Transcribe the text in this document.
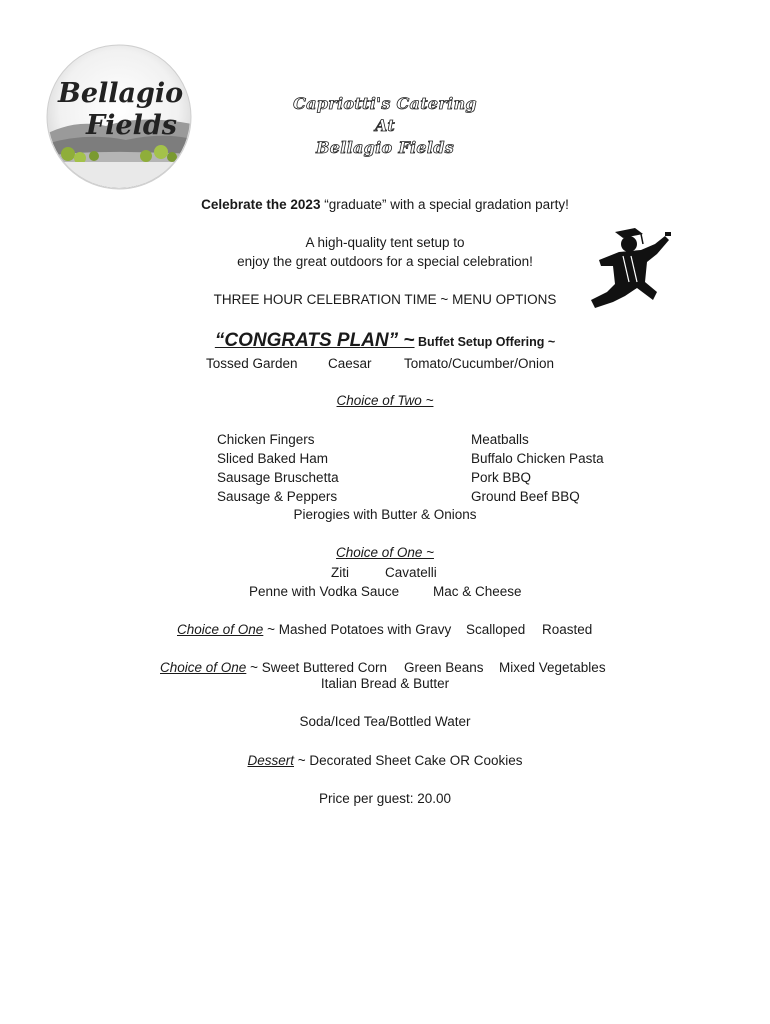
Bellagio
Fields
Capriotti's Catering
At
Bellagio Fields
Celebrate the 2023 “graduate” with a special gradation party!
A high-quality tent setup to
enjoy the great outdoors for a special celebration!
THREE HOUR CELEBRATION TIME ~ MENU OPTIONS
“CONGRATS PLAN” ~ Buffet Setup Offering ~
Tossed Garden Caesar Tomato/Cucumber/Onion
Choice of Two ~
Chicken Fingers
Sliced Baked Ham
Sausage Bruschetta
Sausage & Peppers
Meatballs
Buffalo Chicken Pasta
Pork BBQ
Ground Beef BBQ
Pierogies with Butter & Onions
Choice of One ~
Ziti	Cavatelli
Penne with Vodka Sauce	Mac & Cheese
Choice of One ~ Mashed Potatoes with Gravy Scalloped Roasted
Choice of One ~ Sweet Buttered Corn Green Beans Mixed Vegetables
Italian Bread & Butter
Soda/Iced Tea/Bottled Water
Dessert ~ Decorated Sheet Cake OR Cookies
Price per guest: 20.00
